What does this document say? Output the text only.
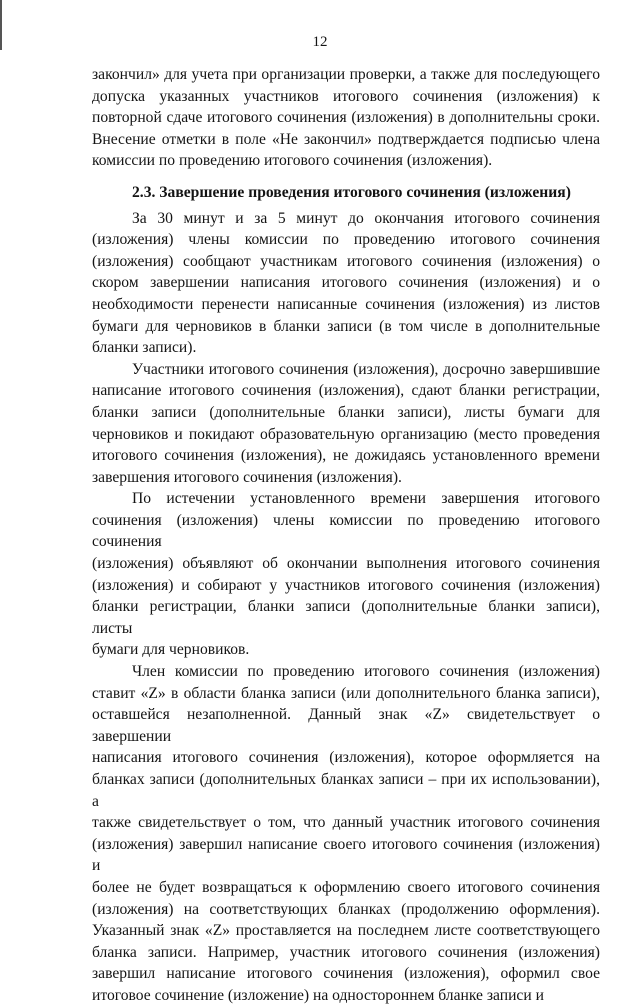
12
закончил» для учета при организации проверки, а также для последующего
допуска указанных участников итогового сочинения (изложения) к
повторной сдаче итогового сочинения (изложения) в дополнительны сроки.
Внесение отметки в поле «Не закончил» подтверждается подписью члена
комиссии по проведению итогового сочинения (изложения).
2.3. Завершение проведения итогового сочинения (изложения)
За 30 минут и за 5 минут до окончания итогового сочинения
(изложения) члены комиссии по проведению итогового сочинения
(изложения) сообщают участникам итогового сочинения (изложения) о
скором завершении написания итогового сочинения (изложения) и о
необходимости перенести написанные сочинения (изложения) из листов
бумаги для черновиков в бланки записи (в том числе в дополнительные
бланки записи).
Участники итогового сочинения (изложения), досрочно завершившие
написание итогового сочинения (изложения), сдают бланки регистрации,
бланки записи (дополнительные бланки записи), листы бумаги для
черновиков и покидают образовательную организацию (место проведения
итогового сочинения (изложения), не дожидаясь установленного времени
завершения итогового сочинения (изложения).
По истечении установленного времени завершения итогового
сочинения (изложения) члены комиссии по проведению итогового сочинения
(изложения) объявляют об окончании выполнения итогового сочинения
(изложения) и собирают у участников итогового сочинения (изложения)
бланки регистрации, бланки записи (дополнительные бланки записи), листы
бумаги для черновиков.
Член комиссии по проведению итогового сочинения (изложения)
ставит «Z» в области бланка записи (или дополнительного бланка записи),
оставшейся незаполненной. Данный знак «Z» свидетельствует о завершении
написания итогового сочинения (изложения), которое оформляется на
бланках записи (дополнительных бланках записи – при их использовании), а
также свидетельствует о том, что данный участник итогового сочинения
(изложения) завершил написание своего итогового сочинения (изложения) и
более не будет возвращаться к оформлению своего итогового сочинения
(изложения) на соответствующих бланках (продолжению оформления).
Указанный знак «Z» проставляется на последнем листе соответствующего
бланка записи. Например, участник итогового сочинения (изложения)
завершил написание итогового сочинения (изложения), оформил свое
итоговое сочинение (изложение) на одностороннем бланке записи и
